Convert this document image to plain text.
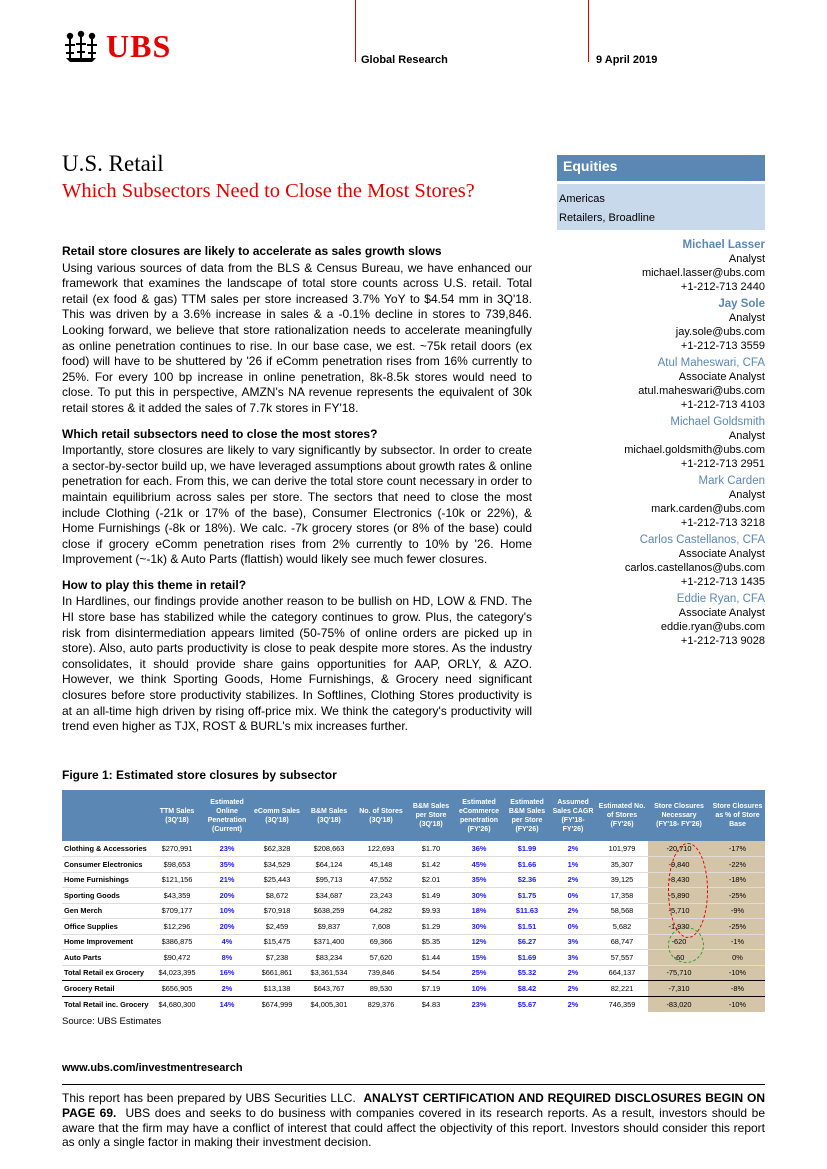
UBS	Global Research	9 April 2019
U.S. Retail
Which Subsectors Need to Close the Most Stores?
Equities
Americas
Retailers, Broadline
Michael Lasser
Analyst
michael.lasser@ubs.com
+1-212-713 2440
Jay Sole
Analyst
jay.sole@ubs.com
+1-212-713 3559
Atul Maheswari, CFA
Associate Analyst
atul.maheswari@ubs.com
+1-212-713 4103
Michael Goldsmith
Analyst
michael.goldsmith@ubs.com
+1-212-713 2951
Mark Carden
Analyst
mark.carden@ubs.com
+1-212-713 3218
Carlos Castellanos, CFA
Associate Analyst
carlos.castellanos@ubs.com
+1-212-713 1435
Eddie Ryan, CFA
Associate Analyst
eddie.ryan@ubs.com
+1-212-713 9028
Retail store closures are likely to accelerate as sales growth slows

Using various sources of data from the BLS & Census Bureau, we have enhanced our framework that examines the landscape of total store counts across U.S. retail. Total retail (ex food & gas) TTM sales per store increased 3.7% YoY to $4.54 mm in 3Q'18. This was driven by a 3.6% increase in sales & a -0.1% decline in stores to 739,846. Looking forward, we believe that store rationalization needs to accelerate meaningfully as online penetration continues to rise. In our base case, we est. ~75k retail doors (ex food) will have to be shuttered by '26 if eComm penetration rises from 16% currently to 25%. For every 100 bp increase in online penetration, 8k-8.5k stores would need to close. To put this in perspective, AMZN's NA revenue represents the equivalent of 30k retail stores & it added the sales of 7.7k stores in FY'18.

Which retail subsectors need to close the most stores?

Importantly, store closures are likely to vary significantly by subsector. In order to create a sector-by-sector build up, we have leveraged assumptions about growth rates & online penetration for each. From this, we can derive the total store count necessary in order to maintain equilibrium across sales per store. The sectors that need to close the most include Clothing (-21k or 17% of the base), Consumer Electronics (-10k or 22%), & Home Furnishings (-8k or 18%). We calc. -7k grocery stores (or 8% of the base) could close if grocery eComm penetration rises from 2% currently to 10% by '26. Home Improvement (~-1k) & Auto Parts (flattish) would likely see much fewer closures.

How to play this theme in retail?

In Hardlines, our findings provide another reason to be bullish on HD, LOW & FND. The HI store base has stabilized while the category continues to grow. Plus, the category's risk from disintermediation appears limited (50-75% of online orders are picked up in store). Also, auto parts productivity is close to peak despite more stores. As the industry consolidates, it should provide share gains opportunities for AAP, ORLY, & AZO. However, we think Sporting Goods, Home Furnishings, & Grocery need significant closures before store productivity stabilizes. In Softlines, Clothing Stores productivity is at an all-time high driven by rising off-price mix. We think the category's productivity will trend even higher as TJX, ROST & BURL's mix increases further.

Figure 1: Estimated store closures by subsector
	TTM Sales (3Q'18)	Estimated Online Penetration (Current)	eComm Sales (3Q'18)	B&M Sales (3Q'18)	No. of Stores (3Q'18)	B&M Sales per Store (3Q'18)	Estimated eCommerce penetration (FY'26)	Estimated B&M Sales per Store (FY'26)	Assumed Sales CAGR (FY'18-FY'26)	Estimated No. of Stores (FY'26)	Store Closures Necessary (FY'18- FY'26)	Store Closures as % of Store Base
Clothing & Accessories	$270,991	23%	$62,328	$208,663	122,693	$1.70	36%	$1.99	2%	101,979	-20,710	-17%
Consumer Electronics	$98,653	35%	$34,529	$64,124	45,148	$1.42	45%	$1.66	1%	35,307	-9,840	-22%
Home Furnishings	$121,156	21%	$25,443	$95,713	47,552	$2.01	35%	$2.36	2%	39,125	-8,430	-18%
Sporting Goods	$43,359	20%	$8,672	$34,687	23,243	$1.49	30%	$1.75	0%	17,358	-5,890	-25%
Gen Merch	$709,177	10%	$70,918	$638,259	64,282	$9.93	18%	$11.63	2%	58,568	-5,710	-9%
Office Supplies	$12,296	20%	$2,459	$9,837	7,608	$1.29	30%	$1.51	0%	5,682	-1,930	-25%
Home Improvement	$386,875	4%	$15,475	$371,400	69,366	$5.35	12%	$6.27	3%	68,747	-620	-1%
Auto Parts	$90,472	8%	$7,238	$83,234	57,620	$1.44	15%	$1.69	3%	57,557	-60	0%
Total Retail ex Grocery	$4,023,395	16%	$661,861	$3,361,534	739,846	$4.54	25%	$5.32	2%	664,137	-75,710	-10%
Grocery Retail	$656,905	2%	$13,138	$643,767	89,530	$7.19	10%	$8.42	2%	82,221	-7,310	-8%
Total Retail inc. Grocery	$4,680,300	14%	$674,999	$4,005,301	829,376	$4.83	23%	$5.67	2%	746,359	-83,020	-10%
Source: UBS Estimates
www.ubs.com/investmentresearch
This report has been prepared by UBS Securities LLC. ANALYST CERTIFICATION AND REQUIRED DISCLOSURES BEGIN ON PAGE 69. UBS does and seeks to do business with companies covered in its research reports. As a result, investors should be aware that the firm may have a conflict of interest that could affect the objectivity of this report. Investors should consider this report as only a single factor in making their investment decision.
